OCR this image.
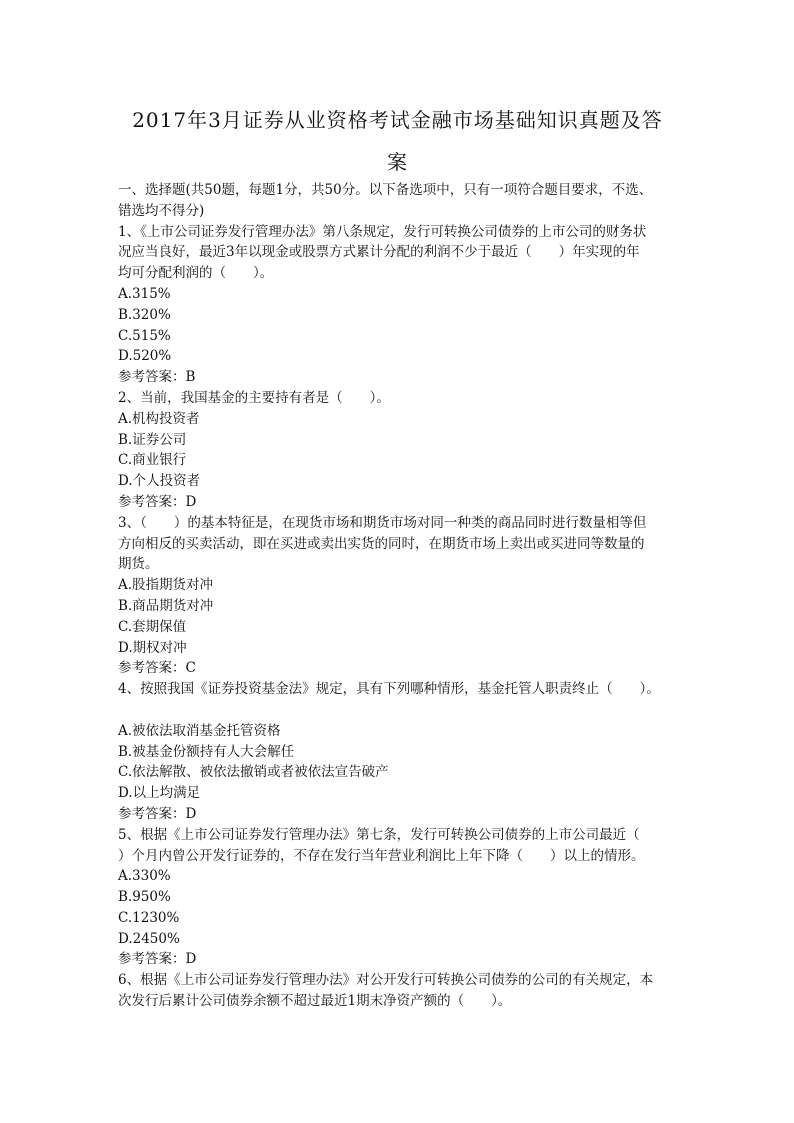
2017年3月证券从业资格考试金融市场基础知识真题及答
案
一、选择题(共50题，每题1分，共50分。以下备选项中，只有一项符合题目要求，不选、
错选均不得分)
1、《上市公司证券发行管理办法》第八条规定，发行可转换公司债券的上市公司的财务状
况应当良好，最近3年以现金或股票方式累计分配的利润不少于最近（　　）年实现的年
均可分配利润的（　　）。
A.315%
B.320%
C.515%
D.520%
参考答案：B
2、当前，我国基金的主要持有者是（　　）。
A.机构投资者
B.证券公司
C.商业银行
D.个人投资者
参考答案：D
3、（　　）的基本特征是，在现货市场和期货市场对同一种类的商品同时进行数量相等但
方向相反的买卖活动，即在买进或卖出实货的同时，在期货市场上卖出或买进同等数量的
期货。
A.股指期货对冲
B.商品期货对冲
C.套期保值
D.期权对冲
参考答案：C
4、按照我国《证券投资基金法》规定，具有下列哪种情形，基金托管人职责终止（　　）。
A.被依法取消基金托管资格
B.被基金份额持有人大会解任
C.依法解散、被依法撤销或者被依法宣告破产
D.以上均满足
参考答案：D
5、根据《上市公司证券发行管理办法》第七条，发行可转换公司债券的上市公司最近（
）个月内曾公开发行证券的，不存在发行当年营业利润比上年下降（　　）以上的情形。
A.330%
B.950%
C.1230%
D.2450%
参考答案：D
6、根据《上市公司证券发行管理办法》对公开发行可转换公司债券的公司的有关规定，本
次发行后累计公司债券余额不超过最近1期末净资产额的（　　）。
